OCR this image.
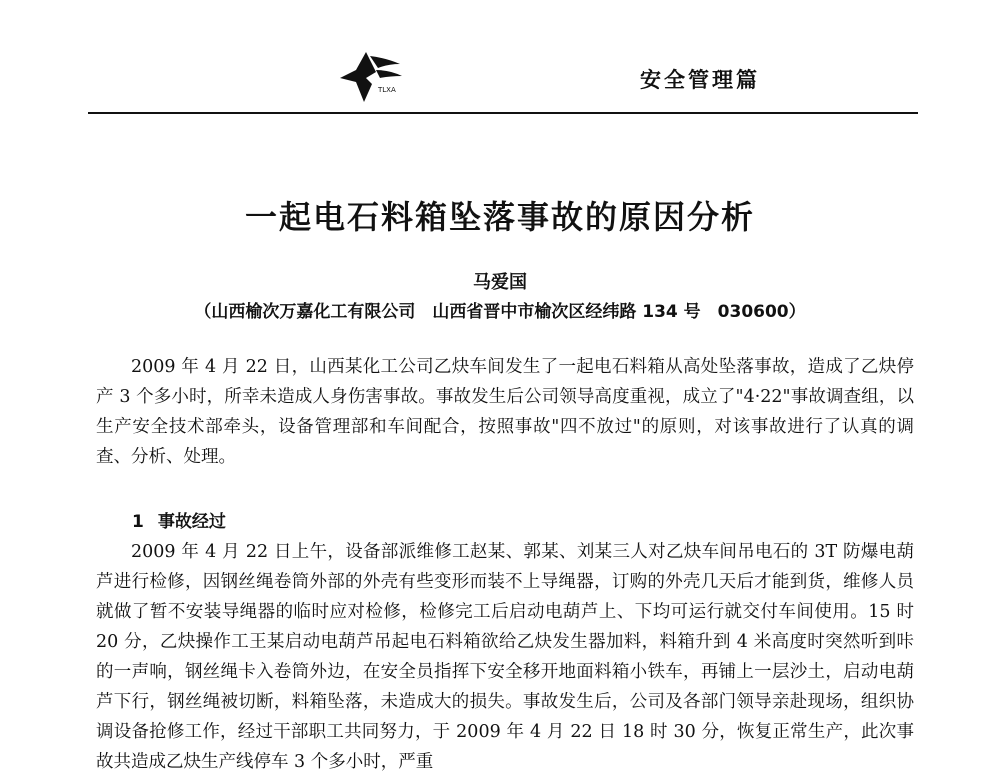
TLXA	安全管理篇
一起电石料箱坠落事故的原因分析
马爱国
（山西榆次万嘉化工有限公司　山西省晋中市榆次区经纬路 134 号　030600）

2009 年 4 月 22 日，山西某化工公司乙炔车间发生了一起电石料箱从高处坠落事故，造成了乙炔停产 3 个多小时，所幸未造成人身伤害事故。事故发生后公司领导高度重视，成立了"4·22"事故调查组，以生产安全技术部牵头，设备管理部和车间配合，按照事故"四不放过"的原则，对该事故进行了认真的调查、分析、处理。

1 事故经过

2009 年 4 月 22 日上午，设备部派维修工赵某、郭某、刘某三人对乙炔车间吊电石的 3T 防爆电葫芦进行检修，因钢丝绳卷筒外部的外壳有些变形而装不上导绳器，订购的外壳几天后才能到货，维修人员就做了暂不安装导绳器的临时应对检修，检修完工后启动电葫芦上、下均可运行就交付车间使用。15 时 20 分，乙炔操作工王某启动电葫芦吊起电石料箱欲给乙炔发生器加料，料箱升到 4 米高度时突然听到咔的一声响，钢丝绳卡入卷筒外边，在安全员指挥下安全移开地面料箱小铁车，再铺上一层沙土，启动电葫芦下行，钢丝绳被切断，料箱坠落，未造成大的损失。事故发生后，公司及各部门领导亲赴现场，组织协调设备抢修工作，经过干部职工共同努力，于 2009 年 4 月 22 日 18 时 30 分，恢复正常生产，此次事故共造成乙炔生产线停车 3 个多小时，严重
